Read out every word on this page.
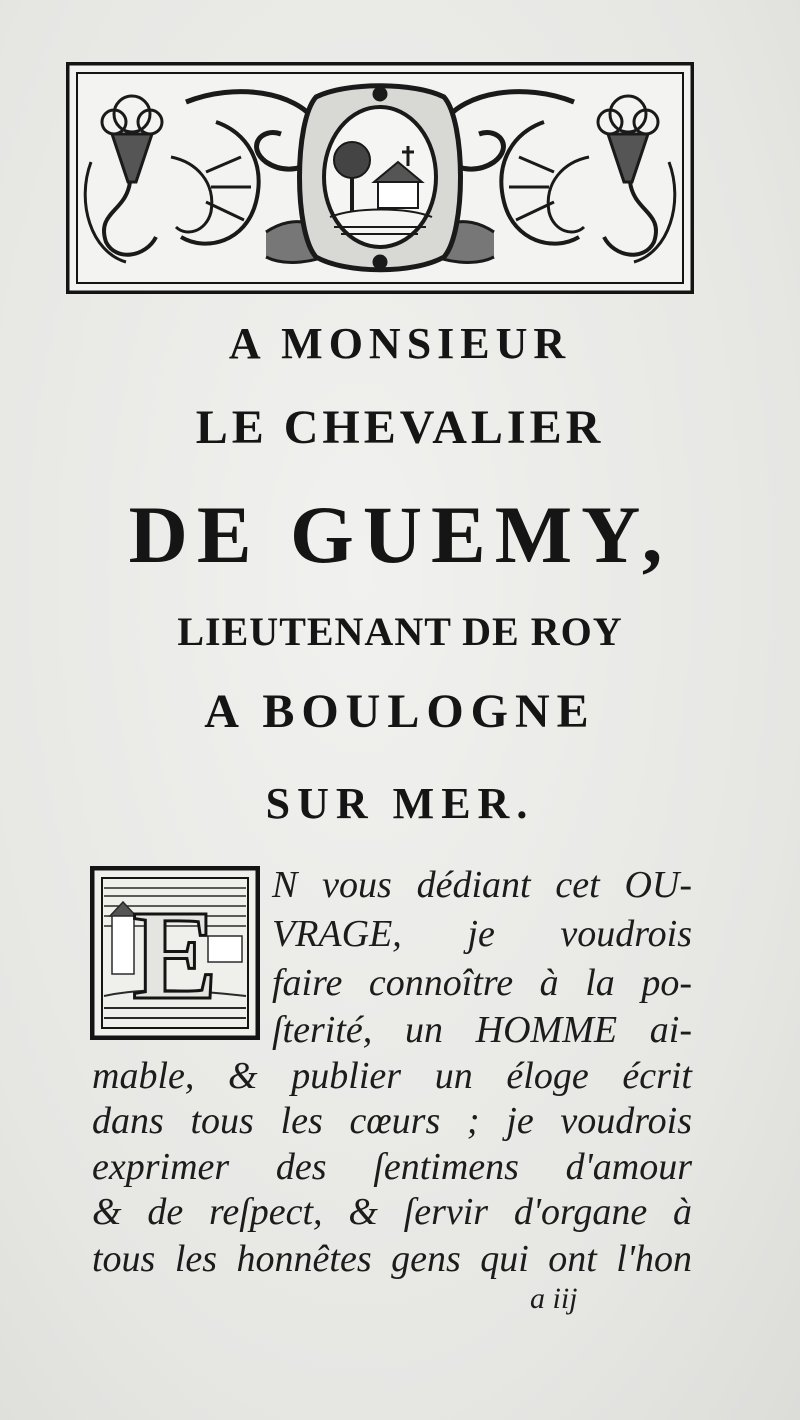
A MONSIEUR
LE CHEVALIER
DE GUEMY,
LIEUTENANT DE ROY
A BOULOGNE
SUR MER.
E N vous dédiant cet OU-
VRAGE, je voudrois
faire connoître à la po-
ſterité, un HOMME ai-
mable, & publier un éloge écrit
dans tous les cœurs ; je voudrois
exprimer des ſentimens d'amour
& de reſpect, & ſervir d'organe à
tous les honnêtes gens qui ont l'hon
a iij
